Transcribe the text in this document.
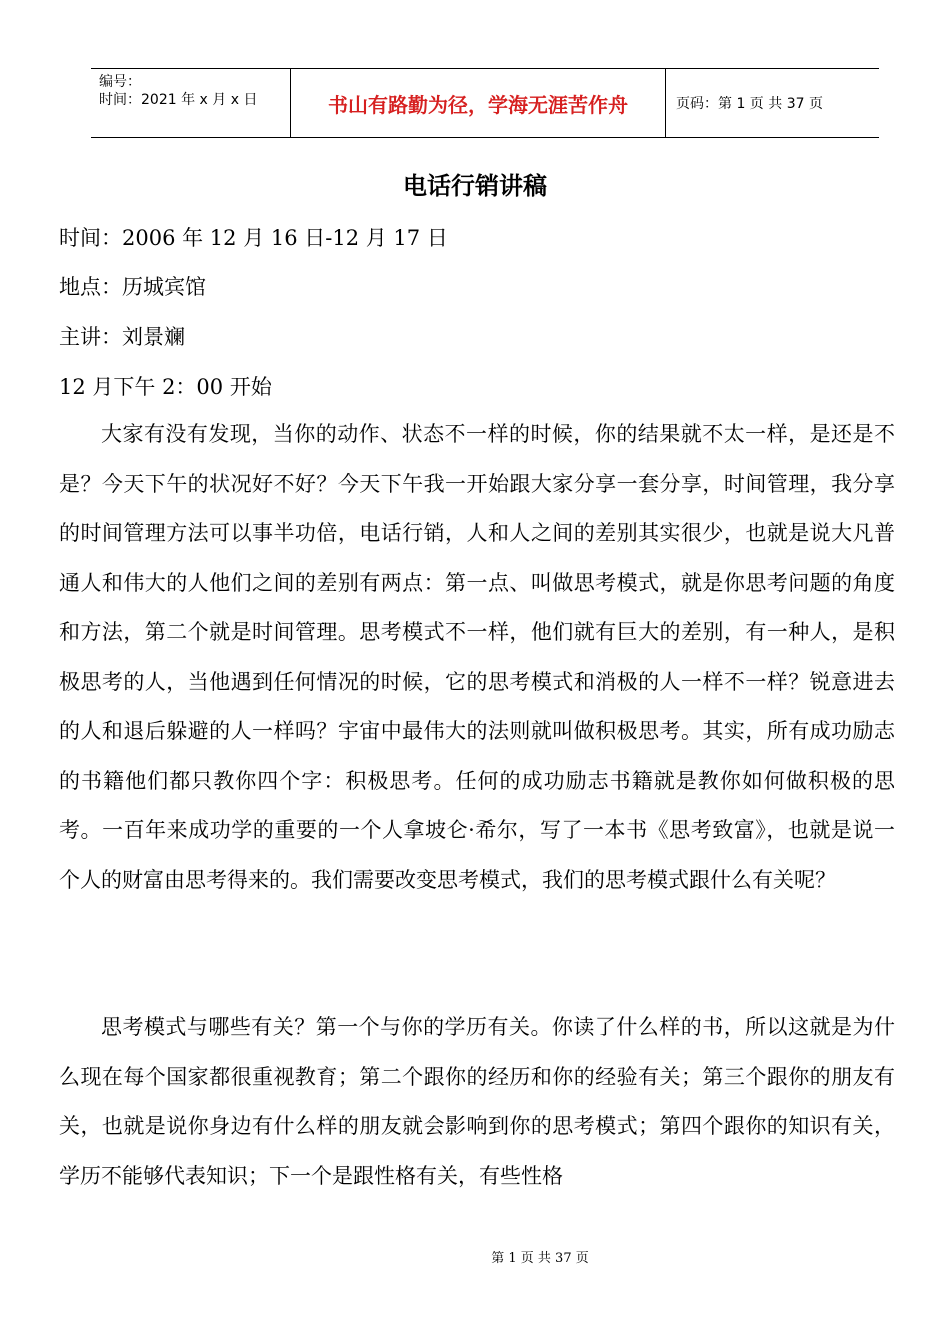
编号：
时间：2021 年 x 月 x 日	书山有路勤为径，学海无涯苦作舟	页码：第 1 页 共 37 页
电话行销讲稿
时间：2006 年 12 月 16 日-12 月 17 日
地点：历城宾馆
主讲：刘景斓
12 月下午 2：00 开始
大家有没有发现，当你的动作、状态不一样的时候，你的结果就不太一样，是还是不是？今天下午的状况好不好？今天下午我一开始跟大家分享一套分享，时间管理，我分享的时间管理方法可以事半功倍，电话行销，人和人之间的差别其实很少，也就是说大凡普通人和伟大的人他们之间的差别有两点：第一点、叫做思考模式，就是你思考问题的角度和方法，第二个就是时间管理。思考模式不一样，他们就有巨大的差别，有一种人，是积极思考的人，当他遇到任何情况的时候，它的思考模式和消极的人一样不一样？锐意进去的人和退后躲避的人一样吗？宇宙中最伟大的法则就叫做积极思考。其实，所有成功励志的书籍他们都只教你四个字：积极思考。任何的成功励志书籍就是教你如何做积极的思考。一百年来成功学的重要的一个人拿坡仑·希尔，写了一本书《思考致富》，也就是说一个人的财富由思考得来的。我们需要改变思考模式，我们的思考模式跟什么有关呢？
思考模式与哪些有关？第一个与你的学历有关。你读了什么样的书，所以这就是为什么现在每个国家都很重视教育；第二个跟你的经历和你的经验有关；第三个跟你的朋友有关，也就是说你身边有什么样的朋友就会影响到你的思考模式；第四个跟你的知识有关，学历不能够代表知识；下一个是跟性格有关，有些性格
第 1 页 共 37 页
